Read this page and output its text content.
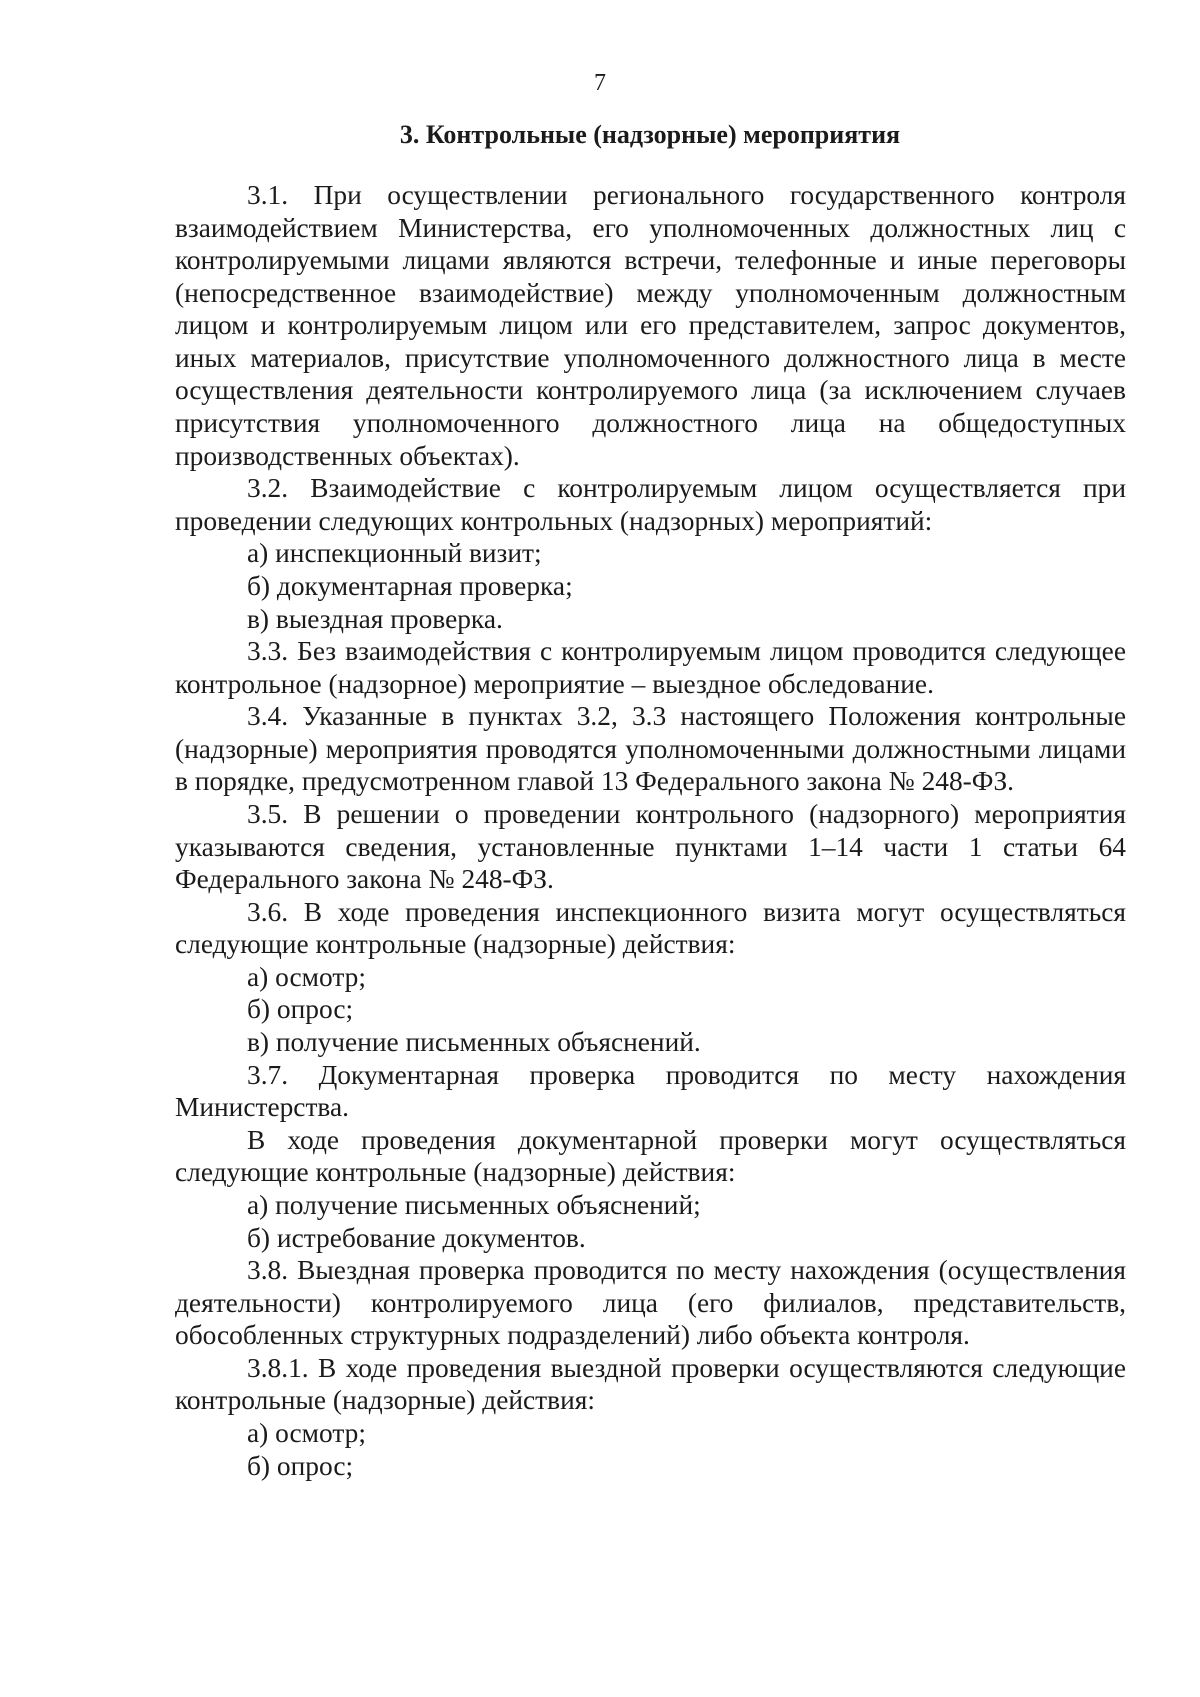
7
3. Контрольные (надзорные) мероприятия

3.1. При осуществлении регионального государственного контроля взаимодействием Министерства, его уполномоченных должностных лиц с контролируемыми лицами являются встречи, телефонные и иные переговоры (непосредственное взаимодействие) между уполномоченным должностным лицом и контролируемым лицом или его представителем, запрос документов, иных материалов, присутствие уполномоченного должностного лица в месте осуществления деятельности контролируемого лица (за исключением случаев присутствия уполномоченного должностного лица на общедоступных производственных объектах).

3.2. Взаимодействие с контролируемым лицом осуществляется при проведении следующих контрольных (надзорных) мероприятий:

а) инспекционный визит;

б) документарная проверка;

в) выездная проверка.

3.3. Без взаимодействия с контролируемым лицом проводится следующее контрольное (надзорное) мероприятие – выездное обследование.

3.4. Указанные в пунктах 3.2, 3.3 настоящего Положения контрольные (надзорные) мероприятия проводятся уполномоченными должностными лицами в порядке, предусмотренном главой 13 Федерального закона № 248-ФЗ.

3.5. В решении о проведении контрольного (надзорного) мероприятия указываются сведения, установленные пунктами 1–14 части 1 статьи 64 Федерального закона № 248-ФЗ.

3.6. В ходе проведения инспекционного визита могут осуществляться следующие контрольные (надзорные) действия:

а) осмотр;

б) опрос;

в) получение письменных объяснений.

3.7. Документарная проверка проводится по месту нахождения Министерства.

В ходе проведения документарной проверки могут осуществляться следующие контрольные (надзорные) действия:

а) получение письменных объяснений;

б) истребование документов.

3.8. Выездная проверка проводится по месту нахождения (осуществления деятельности) контролируемого лица (его филиалов, представительств, обособленных структурных подразделений) либо объекта контроля.

3.8.1. В ходе проведения выездной проверки осуществляются следующие контрольные (надзорные) действия:

а) осмотр;

б) опрос;
